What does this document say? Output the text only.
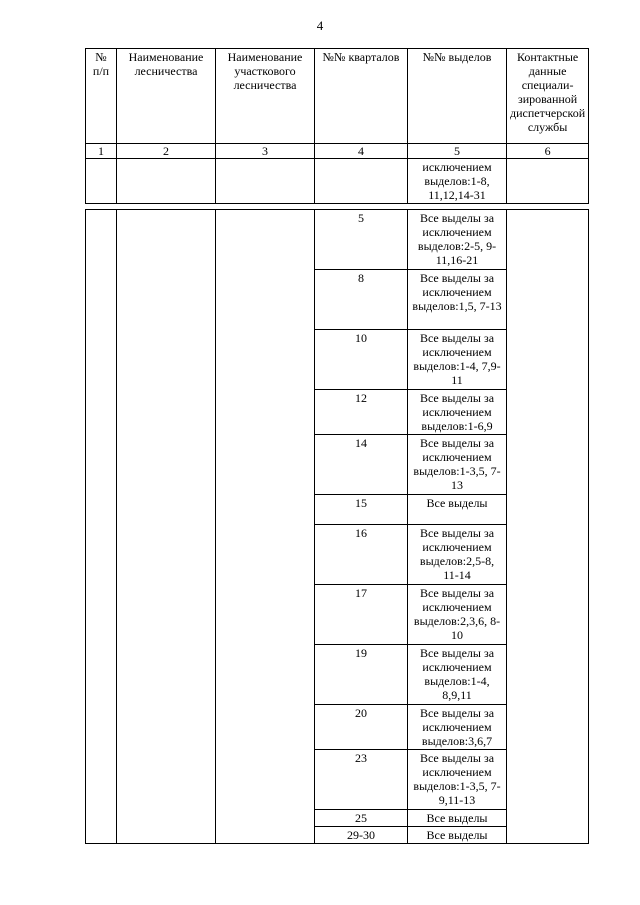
4
№ п/п	Наименование лесничества	Наименование участкового лесничества	№№ кварталов	№№ выделов	Контактные данные специали-зированной диспетчерской службы
1	2	3	4	5	6
				исключением выделов:1-8, 11,12,14-31	

			5	Все выделы за исключением выделов:2-5, 9-11,16-21	
			8	Все выделы за исключением выделов:1,5, 7-13	
			10	Все выделы за исключением выделов:1-4, 7,9-11	
			12	Все выделы за исключением выделов:1-6,9	
			14	Все выделы за исключением выделов:1-3,5, 7-13	
			15	Все выделы	
			16	Все выделы за исключением выделов:2,5-8, 11-14	
			17	Все выделы за исключением выделов:2,3,6, 8-10	
			19	Все выделы за исключением выделов:1-4, 8,9,11	
			20	Все выделы за исключением выделов:3,6,7	
			23	Все выделы за исключением выделов:1-3,5, 7-9,11-13	
			25	Все выделы	
			29-30	Все выделы	
